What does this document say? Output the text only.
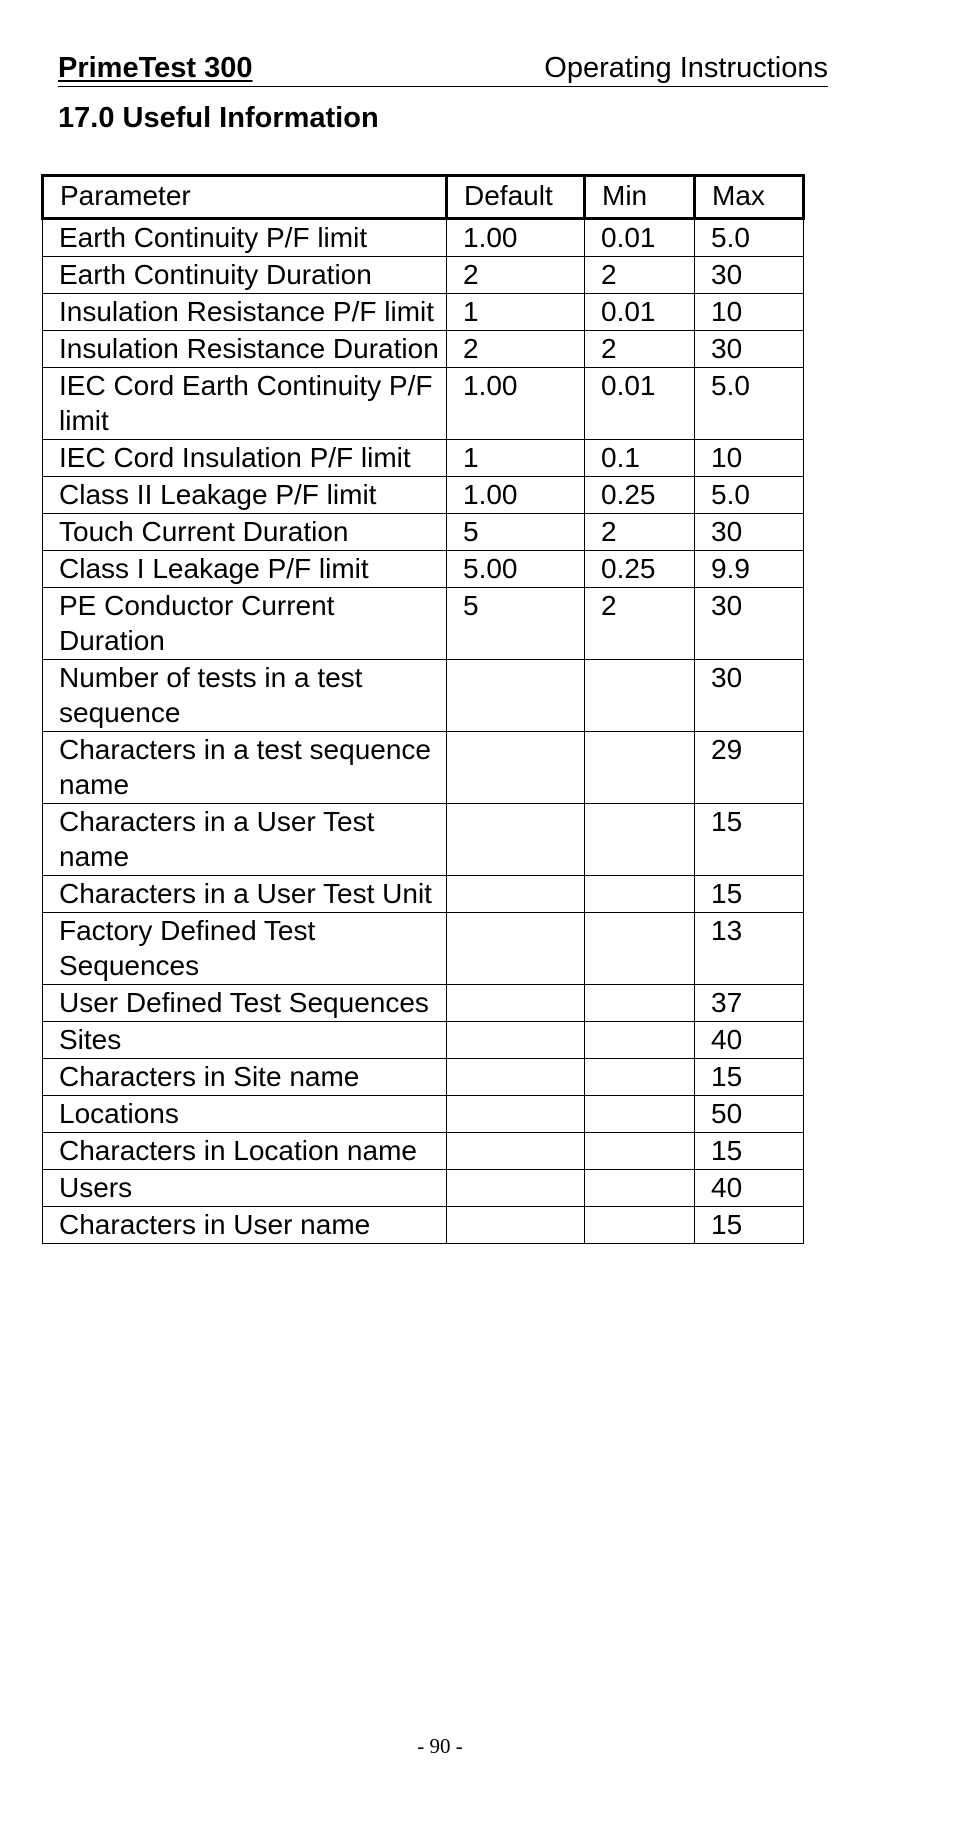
PrimeTest 300	Operating Instructions
17.0 Useful Information
Parameter	Default	Min	Max
Earth Continuity P/F limit	1.00	0.01	5.0
Earth Continuity Duration	2	2	30
Insulation Resistance P/F limit	1	0.01	10
Insulation Resistance Duration	2	2	30
IEC Cord Earth Continuity P/F limit	1.00	0.01	5.0
IEC Cord Insulation P/F limit	1	0.1	10
Class II Leakage P/F limit	1.00	0.25	5.0
Touch Current Duration	5	2	30
Class I Leakage P/F limit	5.00	0.25	9.9
PE Conductor Current Duration	5	2	30
Number of tests in a test sequence			30
Characters in a test sequence name			29
Characters in a User Test name			15
Characters in a User Test Unit			15
Factory Defined Test Sequences			13
User Defined Test Sequences			37
Sites			40
Characters in Site name			15
Locations			50
Characters in Location name			15
Users			40
Characters in User name			15
- 90 -
